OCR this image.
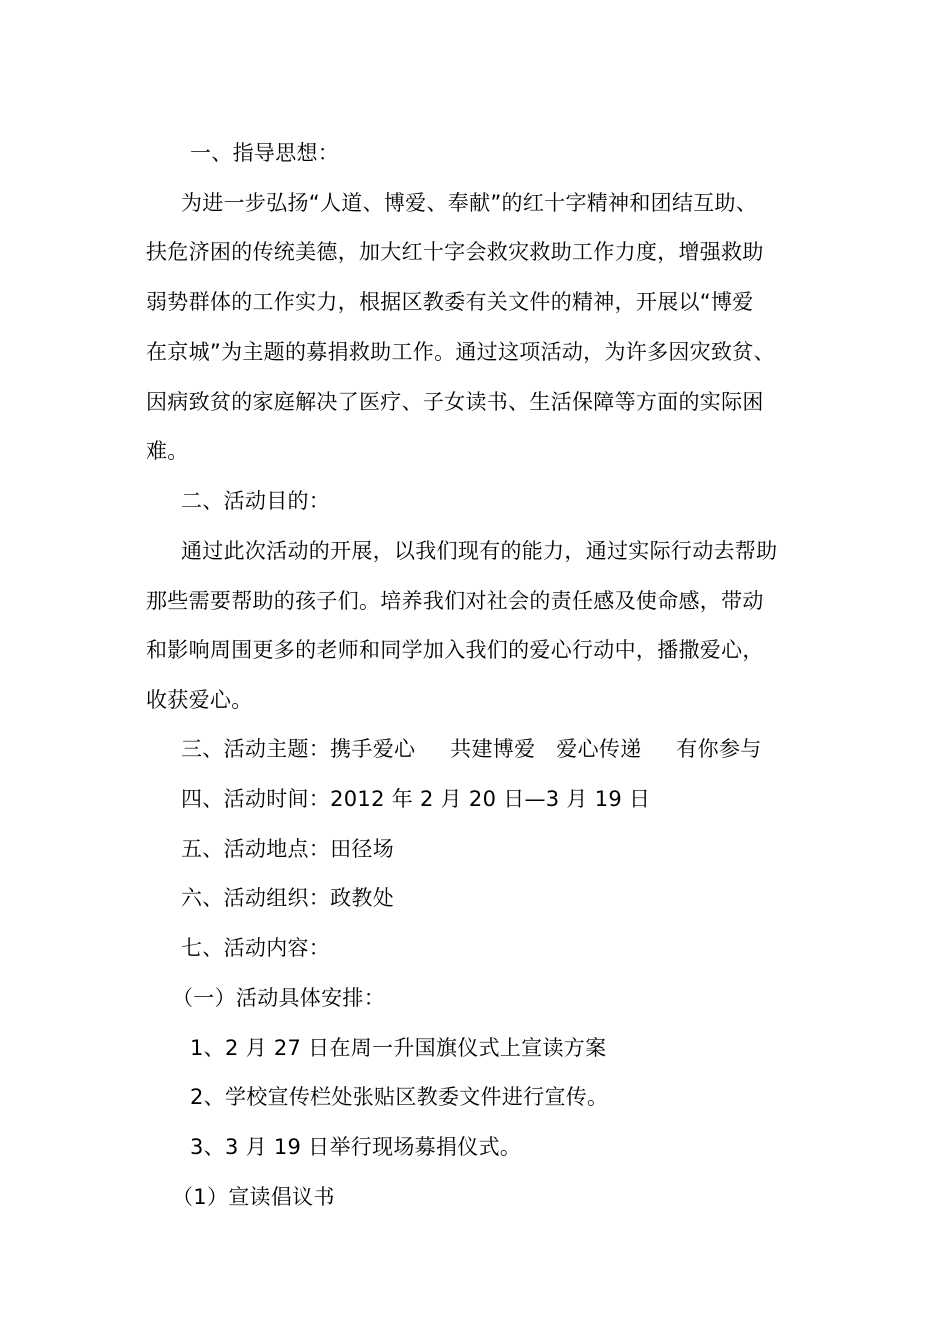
一、指导思想：
为进一步弘扬“人道、博爱、奉献”的红十字精神和团结互助、
扶危济困的传统美德，加大红十字会救灾救助工作力度，增强救助
弱势群体的工作实力，根据区教委有关文件的精神，开展以“博爱
在京城”为主题的募捐救助工作。通过这项活动，为许多因灾致贫、
因病致贫的家庭解决了医疗、子女读书、生活保障等方面的实际困
难。
二、活动目的：
通过此次活动的开展，以我们现有的能力，通过实际行动去帮助
那些需要帮助的孩子们。培养我们对社会的责任感及使命感，带动
和影响周围更多的老师和同学加入我们的爱心行动中，播撒爱心，
收获爱心。
三、活动主题：携手爱心     共建博爱   爱心传递     有你参与
四、活动时间：2012 年 2 月 20 日—3 月 19 日
五、活动地点：田径场
六、活动组织：政教处
七、活动内容：
（一）活动具体安排：
1、2 月 27 日在周一升国旗仪式上宣读方案
2、学校宣传栏处张贴区教委文件进行宣传。
3、3 月 19 日举行现场募捐仪式。
（1）宣读倡议书
